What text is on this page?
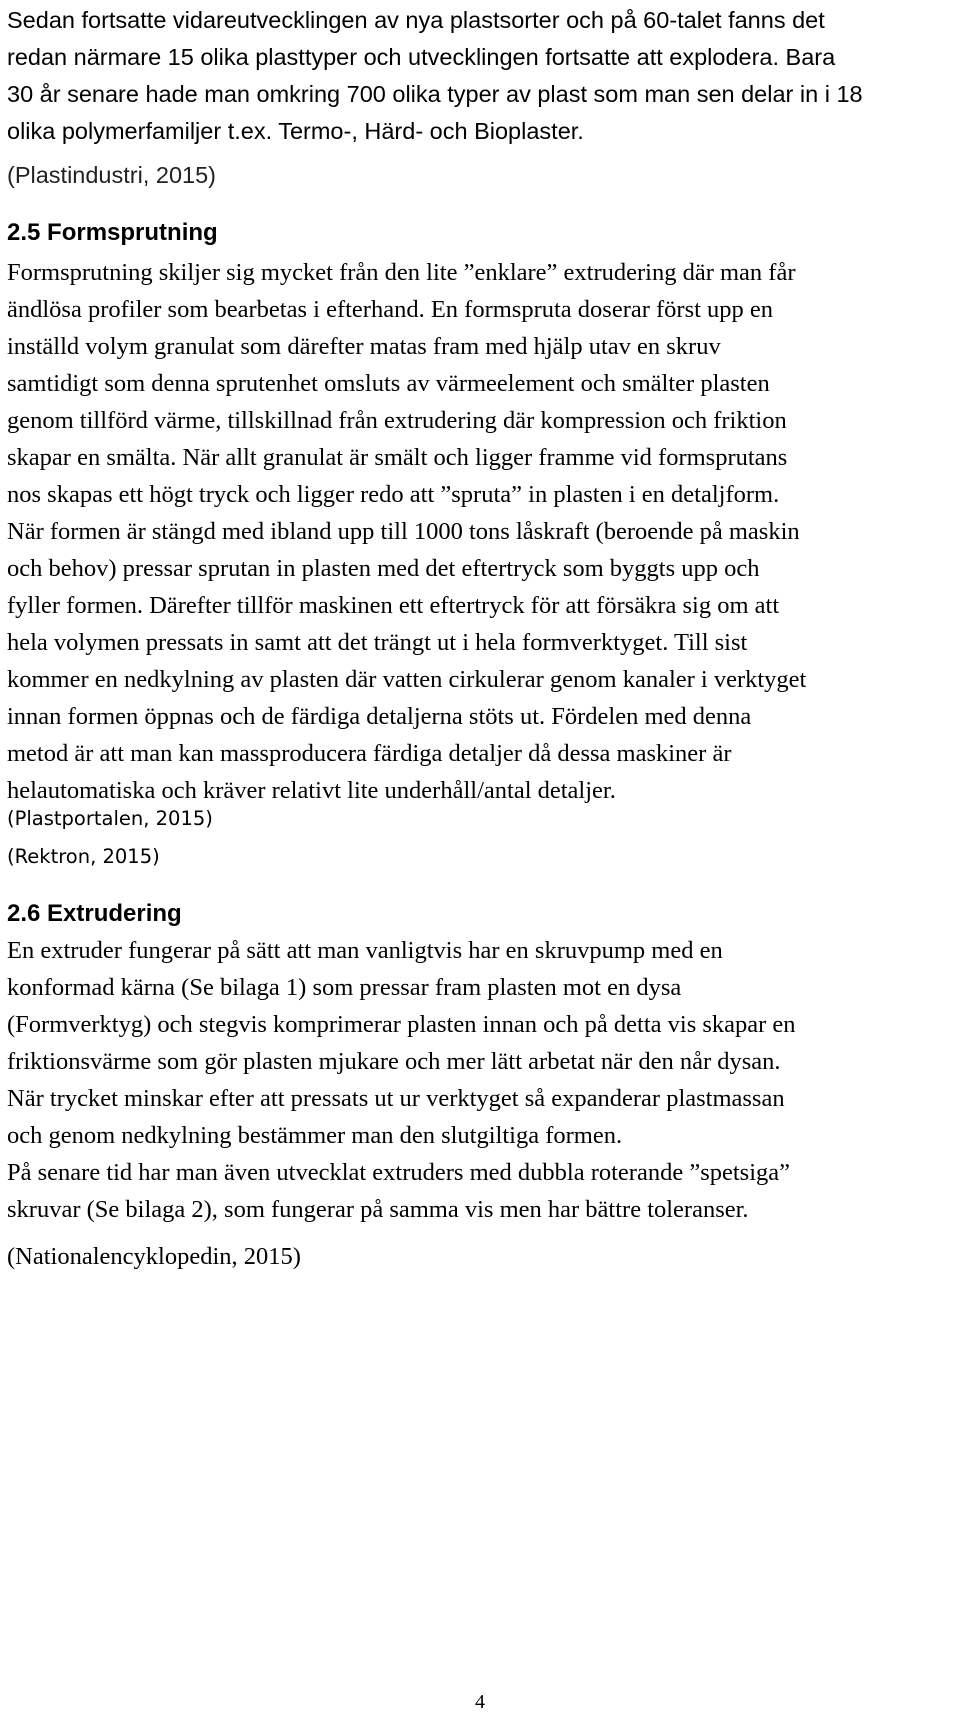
Sedan fortsatte vidareutvecklingen av nya plastsorter och på 60-talet fanns det
redan närmare 15 olika plasttyper och utvecklingen fortsatte att explodera. Bara
30 år senare hade man omkring 700 olika typer av plast som man sen delar in i 18
olika polymerfamiljer t.ex. Termo-, Härd- och Bioplaster.

(Plastindustri, 2015)

2.5 Formsprutning

Formsprutning skiljer sig mycket från den lite ”enklare” extrudering där man får
ändlösa profiler som bearbetas i efterhand. En formspruta doserar först upp en
inställd volym granulat som därefter matas fram med hjälp utav en skruv
samtidigt som denna sprutenhet omsluts av värmeelement och smälter plasten
genom tillförd värme, tillskillnad från extrudering där kompression och friktion
skapar en smälta. När allt granulat är smält och ligger framme vid formsprutans
nos skapas ett högt tryck och ligger redo att ”spruta” in plasten i en detaljform.
När formen är stängd med ibland upp till 1000 tons låskraft (beroende på maskin
och behov) pressar sprutan in plasten med det eftertryck som byggts upp och
fyller formen. Därefter tillför maskinen ett eftertryck för att försäkra sig om att
hela volymen pressats in samt att det trängt ut i hela formverktyget. Till sist
kommer en nedkylning av plasten där vatten cirkulerar genom kanaler i verktyget
innan formen öppnas och de färdiga detaljerna stöts ut. Fördelen med denna
metod är att man kan massproducera färdiga detaljer då dessa maskiner är
helautomatiska och kräver relativt lite underhåll/antal detaljer.

(Plastportalen, 2015)
(Rektron, 2015)

2.6 Extrudering

En extruder fungerar på sätt att man vanligtvis har en skruvpump med en
konformad kärna (Se bilaga 1) som pressar fram plasten mot en dysa
(Formverktyg) och stegvis komprimerar plasten innan och på detta vis skapar en
friktionsvärme som gör plasten mjukare och mer lätt arbetat när den når dysan.
När trycket minskar efter att pressats ut ur verktyget så expanderar plastmassan
och genom nedkylning bestämmer man den slutgiltiga formen.
På senare tid har man även utvecklat extruders med dubbla roterande ”spetsiga”
skruvar (Se bilaga 2), som fungerar på samma vis men har bättre toleranser.

(Nationalencyklopedin, 2015)

4
